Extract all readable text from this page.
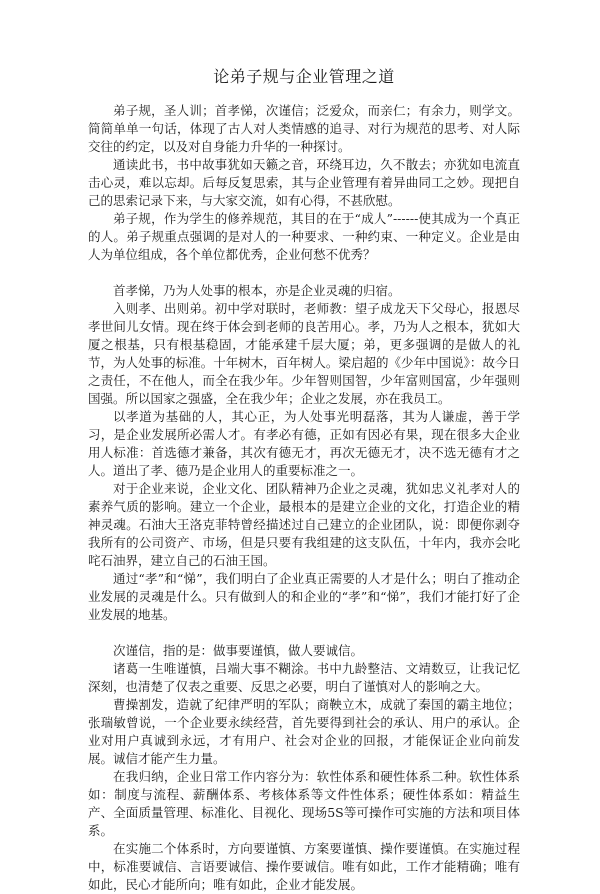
论弟子规与企业管理之道

弟子规，圣人训；首孝悌，次谨信；泛爱众，而亲仁；有余力，则学文。简简单单一句话，体现了古人对人类情感的追寻、对行为规范的思考、对人际交往的约定，以及对自身能力升华的一种探讨。

通读此书，书中故事犹如天籁之音，环绕耳边，久不散去；亦犹如电流直击心灵，难以忘却。后每反复思索，其与企业管理有着异曲同工之妙。现把自己的思索记录下来，与大家交流，如有心得，不甚欣慰。

弟子规，作为学生的修养规范，其目的在于“成人”------使其成为一个真正的人。弟子规重点强调的是对人的一种要求、一种约束、一种定义。企业是由人为单位组成，各个单位都优秀，企业何愁不优秀？

首孝悌，乃为人处事的根本，亦是企业灵魂的归宿。

入则孝、出则弟。初中学对联时，老师教：望子成龙天下父母心，报恩尽孝世间儿女情。现在终于体会到老师的良苦用心。孝，乃为人之根本，犹如大厦之根基，只有根基稳固，才能承建千层大厦；弟，更多强调的是做人的礼节，为人处事的标准。十年树木，百年树人。梁启超的《少年中国说》：故今日之责任，不在他人，而全在我少年。少年智则国智，少年富则国富，少年强则国强。所以国家之强盛，全在我少年；企业之发展，亦在我员工。

以孝道为基础的人，其心正，为人处事光明磊落，其为人谦虚，善于学习，是企业发展所必需人才。有孝必有德，正如有因必有果，现在很多大企业用人标准：首选德才兼备，其次有德无才，再次无德无才，决不选无德有才之人。道出了孝、德乃是企业用人的重要标准之一。

对于企业来说，企业文化、团队精神乃企业之灵魂，犹如忠义礼孝对人的素养气质的影响。建立一个企业，最根本的是建立企业的文化，打造企业的精神灵魂。石油大王洛克菲特曾经描述过自己建立的企业团队，说：即便你剥夺我所有的公司资产、市场，但是只要有我组建的这支队伍，十年内，我亦会叱咤石油界，建立自己的石油王国。

通过“孝”和“悌”，我们明白了企业真正需要的人才是什么；明白了推动企业发展的灵魂是什么。只有做到人的和企业的“孝”和“悌”，我们才能打好了企业发展的地基。

次谨信，指的是：做事要谨慎，做人要诚信。

诸葛一生唯谨慎，吕端大事不糊涂。书中九龄整洁、文靖数豆，让我记忆深刻，也清楚了仅表之重要、反思之必要，明白了谨慎对人的影响之大。

曹操割发，造就了纪律严明的军队；商鞅立木，成就了秦国的霸主地位；张瑞敏曾说，一个企业要永续经营，首先要得到社会的承认、用户的承认。企业对用户真诚到永远，才有用户、社会对企业的回报，才能保证企业向前发展。诚信才能产生力量。

在我归纳，企业日常工作内容分为：软性体系和硬性体系二种。软性体系如：制度与流程、薪酬体系、考核体系等文件性体系；硬性体系如：精益生产、全面质量管理、标准化、目视化、现场5S等可操作可实施的方法和项目体系。

在实施二个体系时，方向要谨慎、方案要谨慎、操作要谨慎。在实施过程中，标准要诚信、言语要诚信、操作要诚信。唯有如此，工作才能精确；唯有如此，民心才能所向；唯有如此，企业才能发展。
